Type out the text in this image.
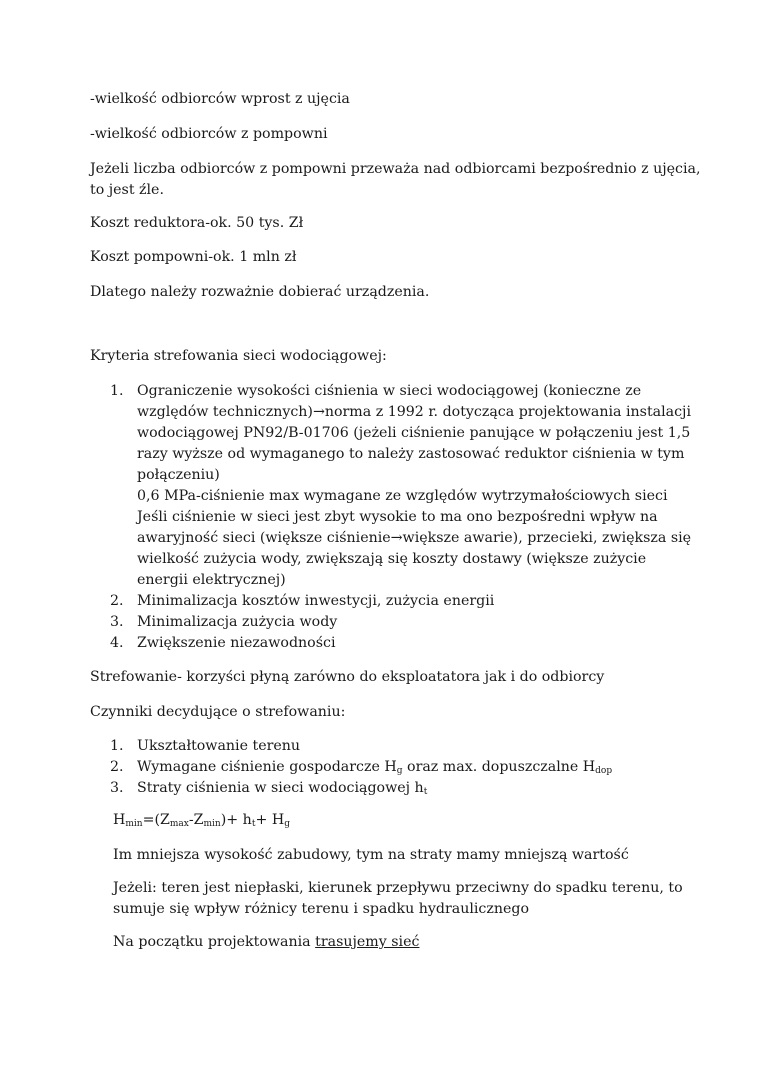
-wielkość odbiorców wprost z ujęcia
-wielkość odbiorców z pompowni
Jeżeli liczba odbiorców z pompowni przeważa nad odbiorcami bezpośrednio z ujęcia,
to jest źle.
Koszt reduktora-ok. 50 tys. Zł
Koszt pompowni-ok. 1 mln zł
Dlatego należy rozważnie dobierać urządzenia.
Kryteria strefowania sieci wodociągowej:
1. Ograniczenie wysokości ciśnienia w sieci wodociągowej (konieczne ze
względów technicznych)→norma z 1992 r. dotycząca projektowania instalacji
wodociągowej PN92/B-01706 (jeżeli ciśnienie panujące w połączeniu jest 1,5
razy wyższe od wymaganego to należy zastosować reduktor ciśnienia w tym
połączeniu)
0,6 MPa-ciśnienie max wymagane ze względów wytrzymałościowych sieci
Jeśli ciśnienie w sieci jest zbyt wysokie to ma ono bezpośredni wpływ na
awaryjność sieci (większe ciśnienie→większe awarie), przecieki, zwiększa się
wielkość zużycia wody, zwiększają się koszty dostawy (większe zużycie
energii elektrycznej)
2. Minimalizacja kosztów inwestycji, zużycia energii
3. Minimalizacja zużycia wody
4. Zwiększenie niezawodności
Strefowanie- korzyści płyną zarówno do eksploatatora jak i do odbiorcy
Czynniki decydujące o strefowaniu:
1. Ukształtowanie terenu
2. Wymagane ciśnienie gospodarcze $H_g$ oraz max. dopuszczalne $H_{dop}$
3. Straty ciśnienia w sieci wodociągowej $h_t$
$H_{min}=(Z_{max}-Z_{min})+ h_t+ H_g$
Im mniejsza wysokość zabudowy, tym na straty mamy mniejszą wartość
Jeżeli: teren jest niepłaski, kierunek przepływu przeciwny do spadku terenu, to
sumuje się wpływ różnicy terenu i spadku hydraulicznego
Na początku projektowania trasujemy sieć
